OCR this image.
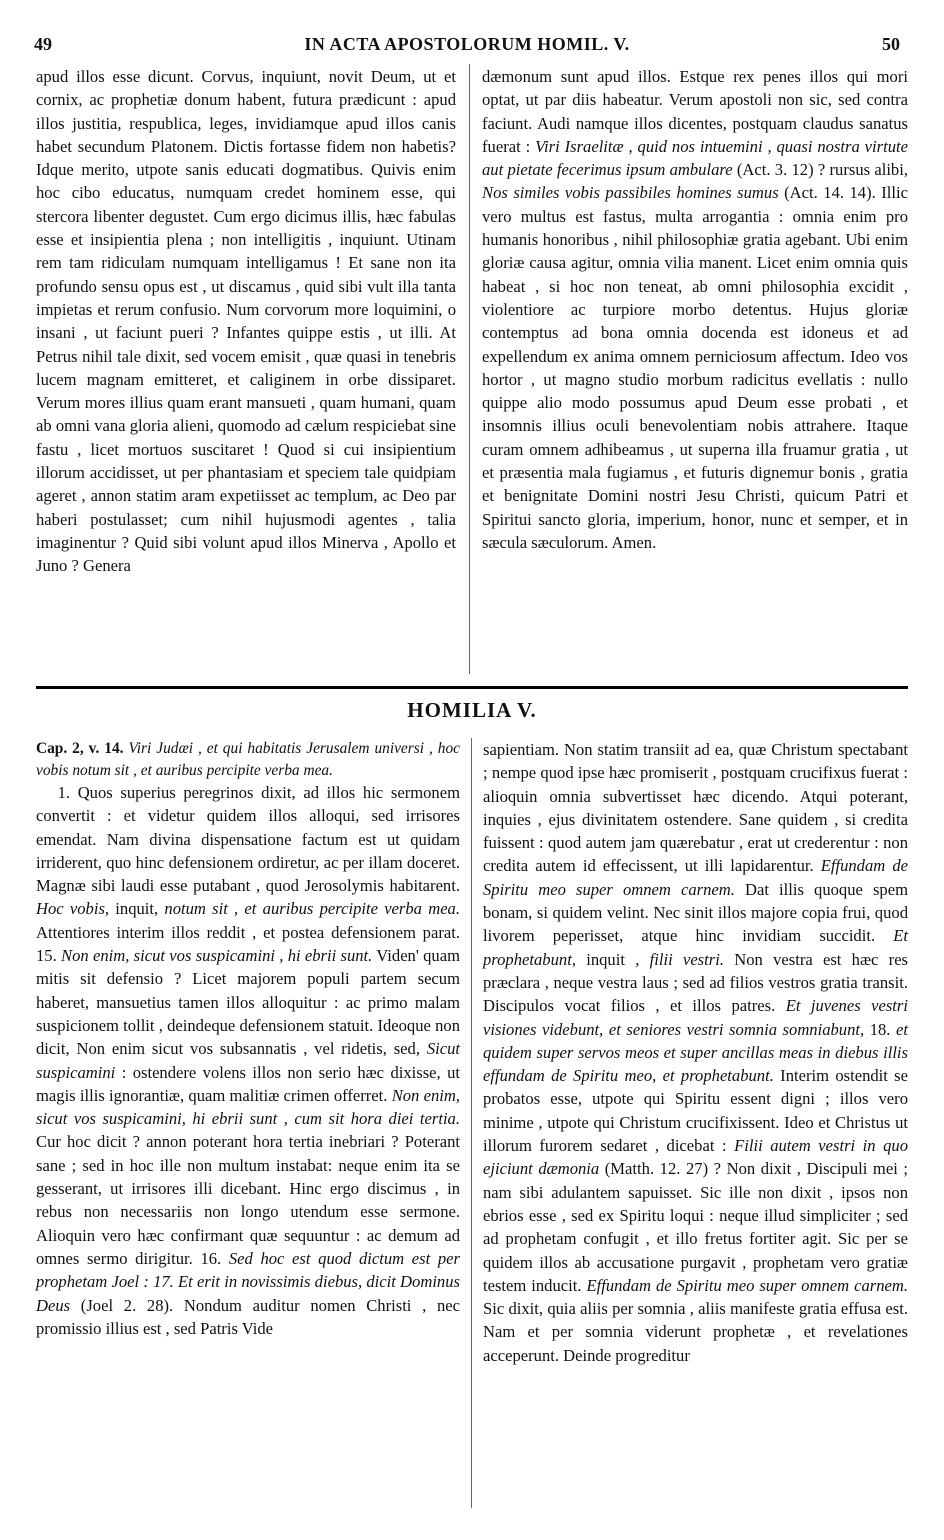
49	IN ACTA APOSTOLORUM HOMIL. V.	50

apud illos esse dicunt. Corvus, inquiunt, novit Deum, ut et cornix, ac prophetiæ donum habent, futura prædicunt : apud illos justitia, respublica, leges, invidiamque apud illos canis habet secundum Platonem. Dictis fortasse fidem non habetis? Idque merito, utpote sanis educati dogmatibus. Quivis enim hoc cibo educatus, numquam credet hominem esse, qui stercora libenter degustet. Cum ergo dicimus illis, hæc fabulas esse et insipientia plena ; non intelligitis , inquiunt. Utinam rem tam ridiculam numquam intelligamus ! Et sane non ita profundo sensu opus est , ut discamus , quid sibi vult illa tanta impietas et rerum confusio. Num corvorum more loquimini, o insani , ut faciunt pueri ? Infantes quippe estis , ut illi. At Petrus nihil tale dixit, sed vocem emisit , quæ quasi in tenebris lucem magnam emitteret, et caliginem in orbe dissiparet. Verum mores illius quam erant mansueti , quam humani, quam ab omni vana gloria alieni, quomodo ad cælum respiciebat sine fastu , licet mortuos suscitaret ! Quod si cui insipientium illorum accidisset, ut per phantasiam et speciem tale quidpiam ageret , annon statim aram expetiisset ac templum, ac Deo par haberi postulasset; cum nihil hujusmodi agentes , talia imaginentur ? Quid sibi volunt apud illos Minerva , Apollo et Juno ? Genera

dæmonum sunt apud illos. Estque rex penes illos qui mori optat, ut par diis habeatur. Verum apostoli non sic, sed contra faciunt. Audi namque illos dicentes, postquam claudus sanatus fuerat : Viri Israelitæ , quid nos intuemini , quasi nostra virtute aut pietate fecerimus ipsum ambulare (Act. 3. 12) ? rursus alibi, Nos similes vobis passibiles homines sumus (Act. 14. 14). Illic vero multus est fastus, multa arrogantia : omnia enim pro humanis honoribus , nihil philosophiæ gratia agebant. Ubi enim gloriæ causa agitur, omnia vilia manent. Licet enim omnia quis habeat , si hoc non teneat, ab omni philosophia excidit , violentiore ac turpiore morbo detentus. Hujus gloriæ contemptus ad bona omnia docenda est idoneus et ad expellendum ex anima omnem perniciosum affectum. Ideo vos hortor , ut magno studio morbum radicitus evellatis : nullo quippe alio modo possumus apud Deum esse probati , et insomnis illius oculi benevolentiam nobis attrahere. Itaque curam omnem adhibeamus , ut superna illa fruamur gratia , ut et præsentia mala fugiamus , et futuris dignemur bonis , gratia et benignitate Domini nostri Jesu Christi, quicum Patri et Spiritui sancto gloria, imperium, honor, nunc et semper, et in sæcula sæculorum. Amen.

HOMILIA V.

Cap. 2, v. 14. Viri Judæi , et qui habitatis Jerusalem universi , hoc vobis notum sit , et auribus percipite verba mea.

1. Quos superius peregrinos dixit, ad illos hic sermonem convertit : et videtur quidem illos alloqui, sed irrisores emendat. Nam divina dispensatione factum est ut quidam irriderent, quo hinc defensionem ordiretur, ac per illam doceret. Magnæ sibi laudi esse putabant , quod Jerosolymis habitarent. Hoc vobis, inquit, notum sit , et auribus percipite verba mea. Attentiores interim illos reddit , et postea defensionem parat. 15. Non enim, sicut vos suspicamini , hi ebrii sunt. Viden' quam mitis sit defensio ? Licet majorem populi partem secum haberet, mansuetius tamen illos alloquitur : ac primo malam suspicionem tollit , deindeque defensionem statuit. Ideoque non dicit, Non enim sicut vos subsannatis , vel ridetis, sed, Sicut suspicamini : ostendere volens illos non serio hæc dixisse, ut magis illis ignorantiæ, quam malitiæ crimen offerret. Non enim, sicut vos suspicamini, hi ebrii sunt , cum sit hora diei tertia. Cur hoc dicit ? annon poterant hora tertia inebriari ? Poterant sane ; sed in hoc ille non multum instabat: neque enim ita se gesserant, ut irrisores illi dicebant. Hinc ergo discimus , in rebus non necessariis non longo utendum esse sermone. Alioquin vero hæc confirmant quæ sequuntur : ac demum ad omnes sermo dirigitur. 16. Sed hoc est quod dictum est per prophetam Joel : 17. Et erit in novissimis diebus, dicit Dominus Deus (Joel 2. 28). Nondum auditur nomen Christi , nec promissio illius est , sed Patris Vide

sapientiam. Non statim transiit ad ea, quæ Christum spectabant ; nempe quod ipse hæc promiserit , postquam crucifixus fuerat : alioquin omnia subvertisset hæc dicendo. Atqui poterant, inquies , ejus divinitatem ostendere. Sane quidem , si credita fuissent : quod autem jam quærebatur , erat ut crederentur : non credita autem id effecissent, ut illi lapidarentur. Effundam de Spiritu meo super omnem carnem. Dat illis quoque spem bonam, si quidem velint. Nec sinit illos majore copia frui, quod livorem peperisset, atque hinc invidiam succidit. Et prophetabunt, inquit , filii vestri. Non vestra est hæc res præclara , neque vestra laus ; sed ad filios vestros gratia transit. Discipulos vocat filios , et illos patres. Et juvenes vestri visiones videbunt, et seniores vestri somnia somniabunt, 18. et quidem super servos meos et super ancillas meas in diebus illis effundam de Spiritu meo, et prophetabunt. Interim ostendit se probatos esse, utpote qui Spiritu essent digni ; illos vero minime , utpote qui Christum crucifixissent. Ideo et Christus ut illorum furorem sedaret , dicebat : Filii autem vestri in quo ejiciunt dæmonia (Matth. 12. 27) ? Non dixit , Discipuli mei ; nam sibi adulantem sapuisset. Sic ille non dixit , ipsos non ebrios esse , sed ex Spiritu loqui : neque illud simpliciter ; sed ad prophetam confugit , et illo fretus fortiter agit. Sic per se quidem illos ab accusatione purgavit , prophetam vero gratiæ testem inducit. Effundam de Spiritu meo super omnem carnem. Sic dixit, quia aliis per somnia , aliis manifeste gratia effusa est. Nam et per somnia viderunt prophetæ , et revelationes acceperunt. Deinde progreditur
